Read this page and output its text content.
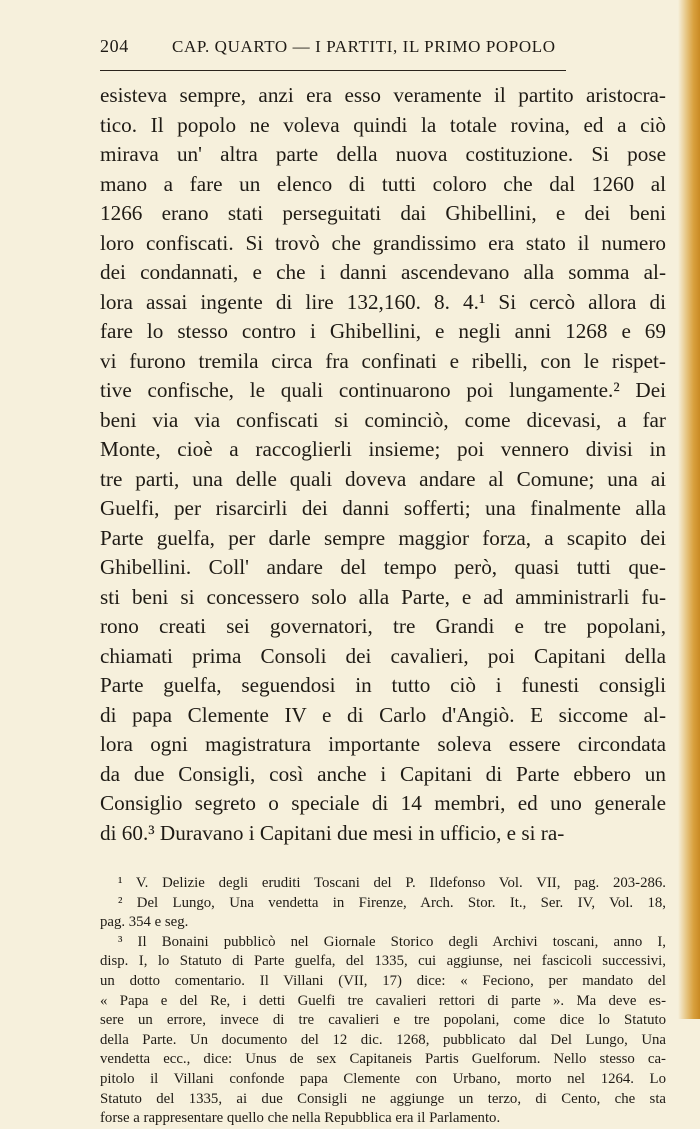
204	CAP. QUARTO — I PARTITI, IL PRIMO POPOLO
esisteva sempre, anzi era esso veramente il partito aristocra-
tico. Il popolo ne voleva quindi la totale rovina, ed a ciò
mirava un' altra parte della nuova costituzione. Si pose
mano a fare un elenco di tutti coloro che dal 1260 al
1266 erano stati perseguitati dai Ghibellini, e dei beni
loro confiscati. Si trovò che grandissimo era stato il numero
dei condannati, e che i danni ascendevano alla somma al-
lora assai ingente di lire 132,160. 8. 4.¹ Si cercò allora di
fare lo stesso contro i Ghibellini, e negli anni 1268 e 69
vi furono tremila circa fra confinati e ribelli, con le rispet-
tive confische, le quali continuarono poi lungamente.² Dei
beni via via confiscati si cominciò, come dicevasi, a far
Monte, cioè a raccoglierli insieme; poi vennero divisi in
tre parti, una delle quali doveva andare al Comune; una ai
Guelfi, per risarcirli dei danni sofferti; una finalmente alla
Parte guelfa, per darle sempre maggior forza, a scapito dei
Ghibellini. Coll' andare del tempo però, quasi tutti que-
sti beni si concessero solo alla Parte, e ad amministrarli fu-
rono creati sei governatori, tre Grandi e tre popolani,
chiamati prima Consoli dei cavalieri, poi Capitani della
Parte guelfa, seguendosi in tutto ciò i funesti consigli
di papa Clemente IV e di Carlo d'Angiò. E siccome al-
lora ogni magistratura importante soleva essere circondata
da due Consigli, così anche i Capitani di Parte ebbero un
Consiglio segreto o speciale di 14 membri, ed uno generale
di 60.³ Duravano i Capitani due mesi in ufficio, e si ra-
¹ V. Delizie degli eruditi Toscani del P. Ildefonso Vol. VII, pag. 203-286.
² Del Lungo, Una vendetta in Firenze, Arch. Stor. It., Ser. IV, Vol. 18,
pag. 354 e seg.
³ Il Bonaini pubblicò nel Giornale Storico degli Archivi toscani, anno I,
disp. I, lo Statuto di Parte guelfa, del 1335, cui aggiunse, nei fascicoli successivi,
un dotto comentario. Il Villani (VII, 17) dice: « Feciono, per mandato del
« Papa e del Re, i detti Guelfi tre cavalieri rettori di parte ». Ma deve es-
sere un errore, invece di tre cavalieri e tre popolani, come dice lo Statuto
della Parte. Un documento del 12 dic. 1268, pubblicato dal Del Lungo, Una
vendetta ecc., dice: Unus de sex Capitaneis Partis Guelforum. Nello stesso ca-
pitolo il Villani confonde papa Clemente con Urbano, morto nel 1264. Lo
Statuto del 1335, ai due Consigli ne aggiunge un terzo, di Cento, che sta
forse a rappresentare quello che nella Repubblica era il Parlamento.
